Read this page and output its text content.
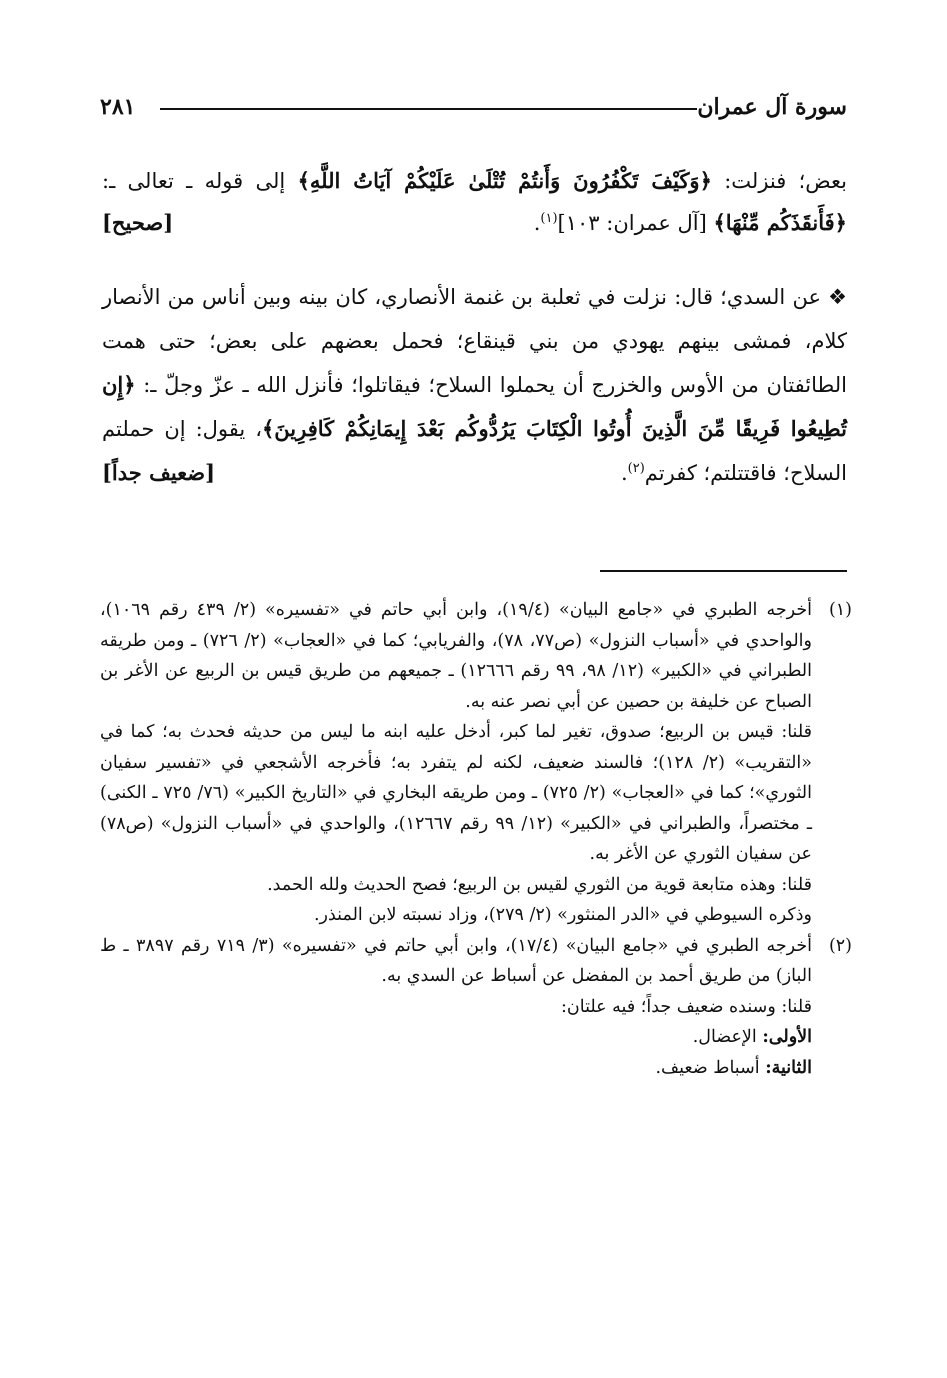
سورة آل عمران
٢٨١
بعض؛ فنزلت: ﴿وَكَيْفَ تَكْفُرُونَ وَأَنتُمْ تُتْلَىٰ عَلَيْكُمْ آيَاتُ اللَّهِ﴾ إلى قوله ـ تعالى ـ: ﴿فَأَنقَذَكُم مِّنْهَا﴾ [آل عمران: ١٠٣]$^{(١)}$.
[صحيح]
❖ عن السدي؛ قال: نزلت في ثعلبة بن غنمة الأنصاري، كان بينه وبين أناس من الأنصار كلام، فمشى بينهم يهودي من بني قينقاع؛ فحمل بعضهم على بعض؛ حتى همت الطائفتان من الأوس والخزرج أن يحملوا السلاح؛ فيقاتلوا؛ فأنزل الله ـ عزّ وجلّ ـ: ﴿إِن تُطِيعُوا فَرِيقًا مِّنَ الَّذِينَ أُوتُوا الْكِتَابَ يَرُدُّوكُم بَعْدَ إِيمَانِكُمْ كَافِرِينَ﴾، يقول: إن حملتم السلاح؛ فاقتتلتم؛ كفرتم$^{(٢)}$.
[ضعيف جداً]
(١)

أخرجه الطبري في «جامع البيان» (١٩/٤)، وابن أبي حاتم في «تفسيره» (٢/ ٤٣٩ رقم ١٠٦٩)، والواحدي في «أسباب النزول» (ص٧٧، ٧٨)، والفريابي؛ كما في «العجاب» (٢/ ٧٢٦) ـ ومن طريقه الطبراني في «الكبير» (١٢/ ٩٨، ٩٩ رقم ١٢٦٦٦) ـ جميعهم من طريق قيس بن الربيع عن الأغر بن الصباح عن خليفة بن حصين عن أبي نصر عنه به.

قلنا: قيس بن الربيع؛ صدوق، تغير لما كبر، أدخل عليه ابنه ما ليس من حديثه فحدث به؛ كما في «التقريب» (٢/ ١٢٨)؛ فالسند ضعيف، لكنه لم يتفرد به؛ فأخرجه الأشجعي في «تفسير سفيان الثوري»؛ كما في «العجاب» (٢/ ٧٢٥) ـ ومن طريقه البخاري في «التاريخ الكبير» (٧٦/ ٧٢٥ ـ الكنى) ـ مختصراً، والطبراني في «الكبير» (١٢/ ٩٩ رقم ١٢٦٦٧)، والواحدي في «أسباب النزول» (ص٧٨) عن سفيان الثوري عن الأغر به.

قلنا: وهذه متابعة قوية من الثوري لقيس بن الربيع؛ فصح الحديث ولله الحمد.

وذكره السيوطي في «الدر المنثور» (٢/ ٢٧٩)، وزاد نسبته لابن المنذر.

(٢)

أخرجه الطبري في «جامع البيان» (١٧/٤)، وابن أبي حاتم في «تفسيره» (٣/ ٧١٩ رقم ٣٨٩٧ ـ ط الباز) من طريق أحمد بن المفضل عن أسباط عن السدي به.

قلنا: وسنده ضعيف جداً؛ فيه علتان:

الأولى: الإعضال.

الثانية: أسباط ضعيف.
